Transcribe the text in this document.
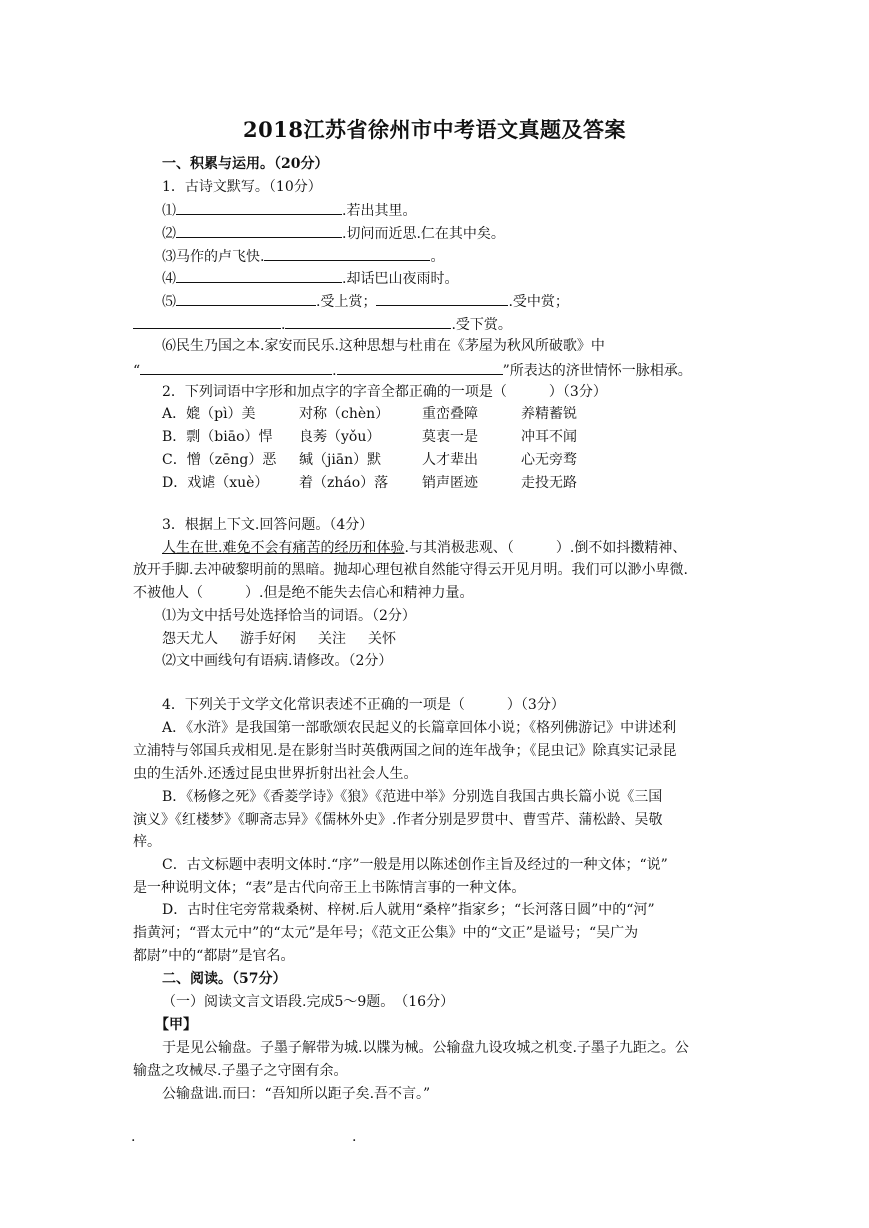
2018江苏省徐州市中考语文真题及答案
一、积累与运用。（20分）
1．古诗文默写。（10分）
⑴	.若出其里。
⑵	.切问而近思.仁在其中矣。
⑶马作的卢飞快.	。
⑷	.却话巴山夜雨时。
⑸	.受上赏；	.受中赏；
.	.受下赏。
⑹民生乃国之本.家安而民乐.这种思想与杜甫在《茅屋为秋风所破歌》中
“	.	”所表达的济世情怀一脉相承。
2．下列词语中字形和加点字的字音全都正确的一项是（　　　）（3分）
A．媲（pì）美	对称（chèn） 重峦叠障	养精蓄锐
B．剽（biāo）悍 良莠（yǒu）	莫衷一是	冲耳不闻
C．憎（zēng）恶 缄（jiān）默	人才辈出	心无旁骛
D．戏谑（xuè） 着（zháo）落 销声匿迹	走投无路
3．根据上下文.回答问题。（4分）
人生在世.难免不会有痛苦的经历和体验.与其消极悲观、（　　　）.倒不如抖擞精神、
放开手脚.去冲破黎明前的黑暗。抛却心理包袱自然能守得云开见月明。我们可以渺小卑微.
不被他人（　　　）.但是绝不能失去信心和精神力量。
⑴为文中括号处选择恰当的词语。（2分）
怨天尤人 游手好闲 关注 关怀
⑵文中画线句有语病.请修改。（2分）
4．下列关于文学文化常识表述不正确的一项是（　　　）（3分）
A．《水浒》是我国第一部歌颂农民起义的长篇章回体小说；《格列佛游记》中讲述利
立浦特与邻国兵戎相见.是在影射当时英俄两国之间的连年战争；《昆虫记》除真实记录昆
虫的生活外.还透过昆虫世界折射出社会人生。
B．《杨修之死》《香菱学诗》《狼》《范进中举》分别选自我国古典长篇小说《三国
演义》《红楼梦》《聊斋志异》《儒林外史》.作者分别是罗贯中、曹雪芹、蒲松龄、吴敬
梓。
C．古文标题中表明文体时.“序”一般是用以陈述创作主旨及经过的一种文体；“说”
是一种说明文体；“表”是古代向帝王上书陈情言事的一种文体。
D．古时住宅旁常栽桑树、梓树.后人就用“桑梓”指家乡；“长河落日圆”中的“河”
指黄河；“晋太元中”的“太元”是年号；《范文正公集》中的“文正”是谥号；“吴广为
都尉”中的“都尉”是官名。
二、阅读。（57分）
（一）阅读文言文语段.完成5～9题。　（16分）
【甲】
于是见公输盘。子墨子解带为城.以牒为械。公输盘九设攻城之机变.子墨子九距之。公
输盘之攻械尽.子墨子之守圉有余。
公输盘诎.而曰：“吾知所以距子矣.吾不言。”
.	.
